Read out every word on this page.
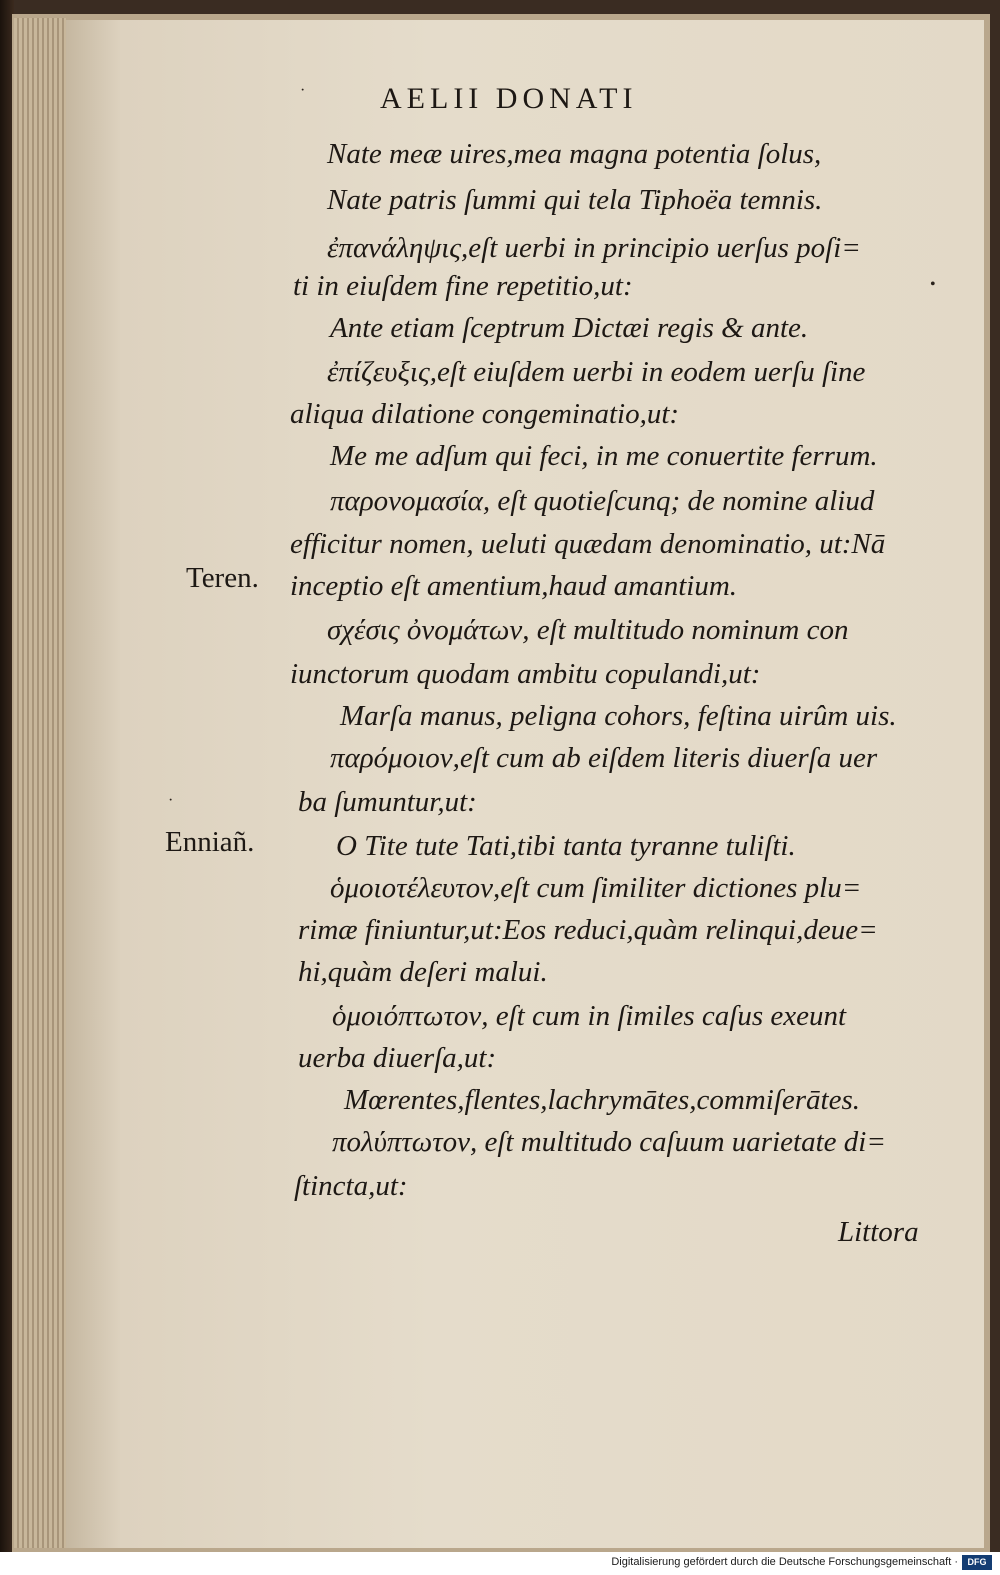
AELII DONATI
Nate meæ uires,mea magna potentia ſolus,
Nate patris ſummi qui tela Tiphoëa temnis.
ἐπανάληψις,eſt uerbi in principio uerſus poſi=
ti in eiuſdem fine repetitio,ut:
Ante etiam ſceptrum Dictæi regis & ante.
ἐπίζευξις,eſt eiuſdem uerbi in eodem uerſu ſine
aliqua dilatione congeminatio,ut:
Me me adſum qui feci, in me conuertite ferrum.
παρονομασία, eſt quotieſcunq; de nomine aliud
efficitur nomen, ueluti quædam denominatio, ut:Nā
inceptio eſt amentium,haud amantium.
σχέσις ὀνομάτων, eſt multitudo nominum con
iunctorum quodam ambitu copulandi,ut:
Marſa manus, peligna cohors, feſtina uirûm uis.
παρόμοιον,eſt cum ab eiſdem literis diuerſa uer
ba ſumuntur,ut:
O Tite tute Tati,tibi tanta tyranne tuliſti.
ὁμοιοτέλευτον,eſt cum ſimiliter dictiones plu=
rimæ finiuntur,ut:Eos reduci,quàm relinqui,deue=
hi,quàm deſeri malui.
ὁμοιόπτωτον, eſt cum in ſimiles caſus exeunt
uerba diuerſa,ut:
Mœrentes,flentes,lachrymātes,commiſerātes.
πολύπτωτον, eſt multitudo caſuum uarietate di=
ſtincta,ut:
Teren.
Enniañ.
Littora
•
·
·
Digitalisierung gefördert durch die Deutsche Forschungsgemeinschaft ·	DFG
